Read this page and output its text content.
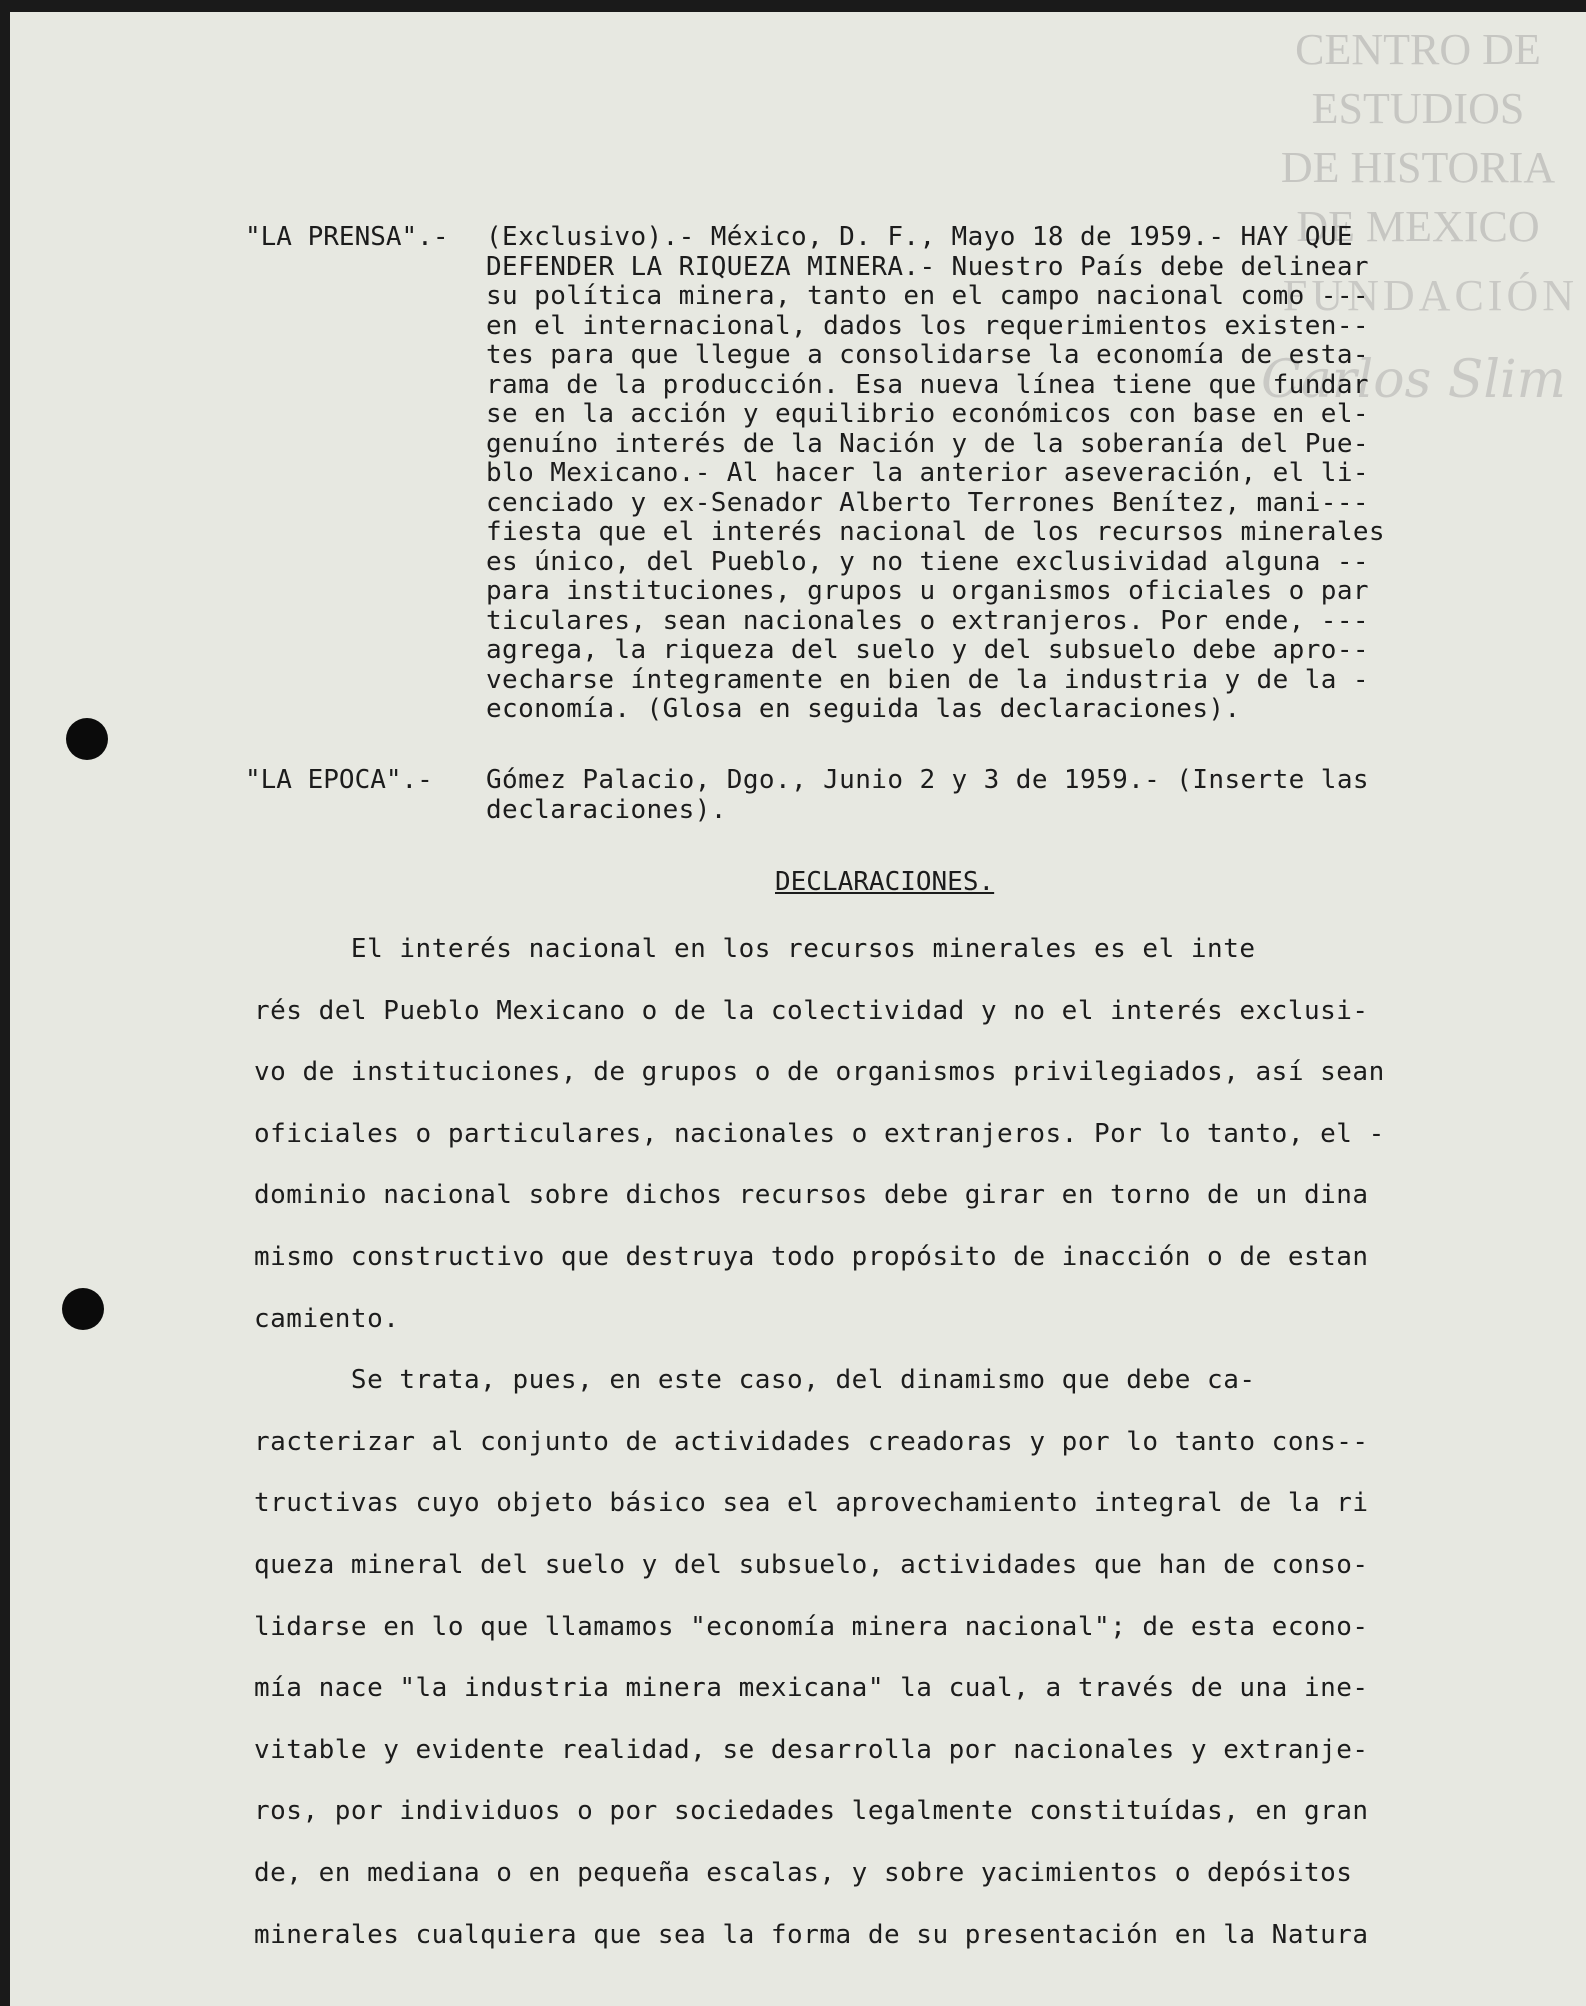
CENTRO DE
ESTUDIOS
DE HISTORIA
DE MEXICO
FUNDACIÓN
Carlos Slim
"LA PRENSA".- (Exclusivo).- México, D. F., Mayo 18 de 1959.- HAY QUE
DEFENDER LA RIQUEZA MINERA.- Nuestro País debe delinear
su política minera, tanto en el campo nacional como ---
en el internacional, dados los requerimientos existen--
tes para que llegue a consolidarse la economía de esta-
rama de la producción. Esa nueva línea tiene que fundar
se en la acción y equilibrio económicos con base en el-
genuíno interés de la Nación y de la soberanía del Pue-
blo Mexicano.- Al hacer la anterior aseveración, el li-
cenciado y ex-Senador Alberto Terrones Benítez, mani---
fiesta que el interés nacional de los recursos minerales
es único, del Pueblo, y no tiene exclusividad alguna --
para instituciones, grupos u organismos oficiales o par
ticulares, sean nacionales o extranjeros. Por ende, ---
agrega, la riqueza del suelo y del subsuelo debe apro--
vecharse íntegramente en bien de la industria y de la -
economía. (Glosa en seguida las declaraciones).
"LA EPOCA".- Gómez Palacio, Dgo., Junio 2 y 3 de 1959.- (Inserte las
declaraciones).
DECLARACIONES.
El interés nacional en los recursos minerales es el inte
rés del Pueblo Mexicano o de la colectividad y no el interés exclusi-
vo de instituciones, de grupos o de organismos privilegiados, así sean
oficiales o particulares, nacionales o extranjeros. Por lo tanto, el -
dominio nacional sobre dichos recursos debe girar en torno de un dina
mismo constructivo que destruya todo propósito de inacción o de estan
camiento.
Se trata, pues, en este caso, del dinamismo que debe ca-
racterizar al conjunto de actividades creadoras y por lo tanto cons--
tructivas cuyo objeto básico sea el aprovechamiento integral de la ri
queza mineral del suelo y del subsuelo, actividades que han de conso-
lidarse en lo que llamamos "economía minera nacional"; de esta econo-
mía nace "la industria minera mexicana" la cual, a través de una ine-
vitable y evidente realidad, se desarrolla por nacionales y extranje-
ros, por individuos o por sociedades legalmente constituídas, en gran
de, en mediana o en pequeña escalas, y sobre yacimientos o depósitos
minerales cualquiera que sea la forma de su presentación en la Natura
